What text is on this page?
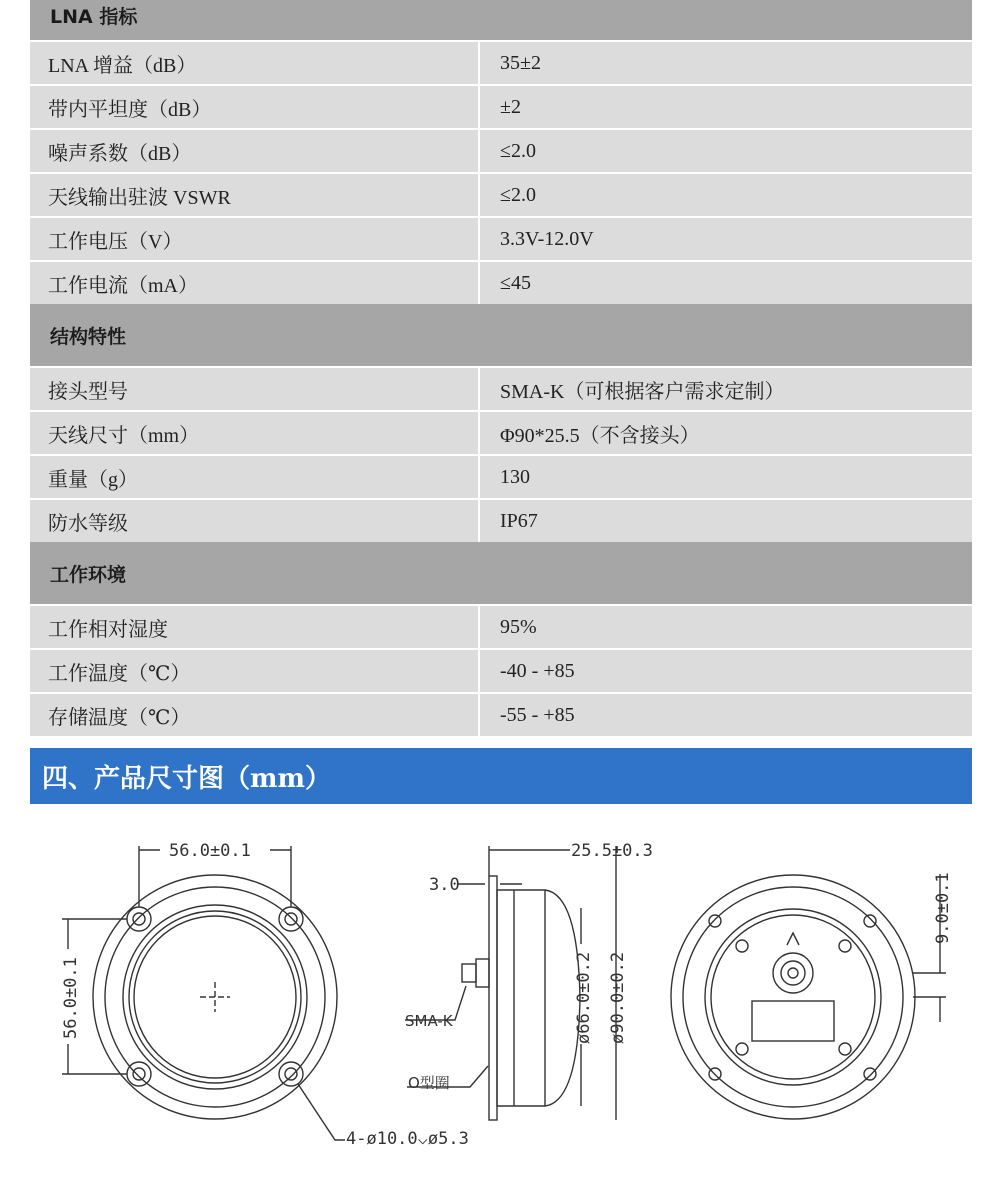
LNA 指标
LNA 增益（dB）	35±2
带内平坦度（dB）	±2
噪声系数（dB）	≤2.0
天线输出驻波 VSWR	≤2.0
工作电压（V）	3.3V-12.0V
工作电流（mA）	≤45
结构特性
接头型号	SMA-K（可根据客户需求定制）
天线尺寸（mm）	Φ90*25.5（不含接头）
重量（g）	130
防水等级	IP67
工作环境
工作相对湿度	95%
工作温度（℃）	-40 - +85
存储温度（℃）	-55 - +85
四、产品尺寸图（mm）
56.0±0.1
56.0±0.1
25.5±0.3
3.0
SMA-K
O型圈
ø66.0±0.2 ø90.0±0.2
4-ø10.0⌵ø5.3
9.0±0.1
